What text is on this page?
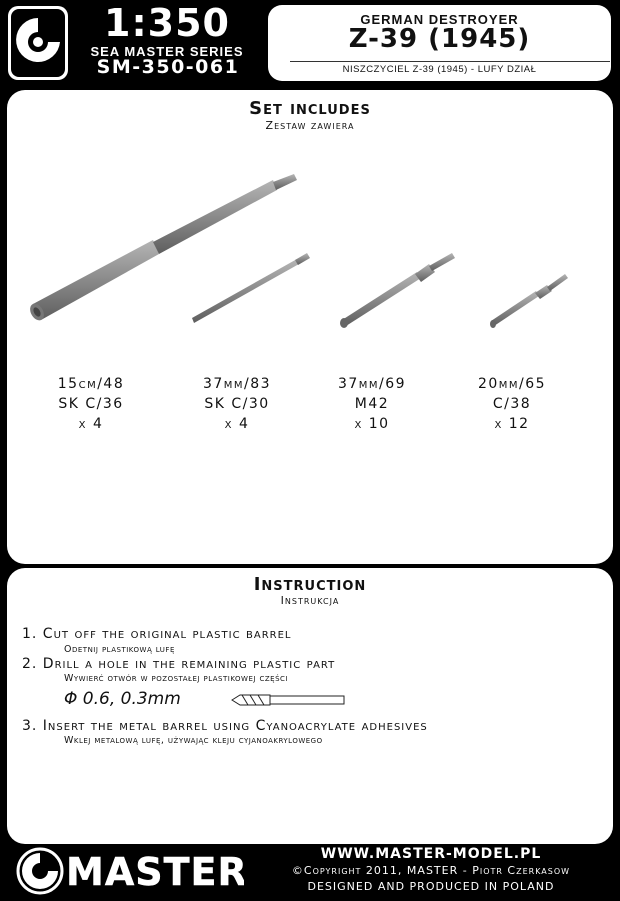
1:350
SEA MASTER SERIES
SM-350-061
GERMAN DESTROYER
Z-39 (1945)
NISZCZYCIEL Z-39 (1945) - LUFY DZIAŁ
Set includes
Zestaw zawiera
15cm/48
SK C/36
x 4
37mm/83
SK C/30
x 4
37mm/69
M42
x 10
20mm/65
C/38
x 12
Instruction
Instrukcja
1. Cut off the original plastic barrel
Odetnij plastikową lufę
2. Drill a hole in the remaining plastic part
Wywierć otwór w pozostałej plastikowej części
Φ 0.6, 0.3mm
3. Insert the metal barrel using Cyanoacrylate adhesives
Wklej metalową lufę, używając kleju cyjanoakrylowego
MASTER	WWW.MASTER-MODEL.PL
©Copyright 2011, MASTER - Piotr Czerkasow
DESIGNED AND PRODUCED IN POLAND
